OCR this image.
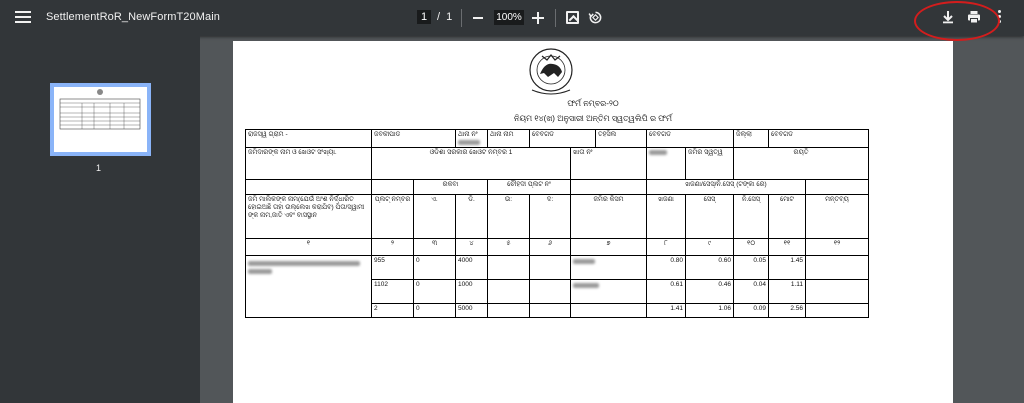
SettlementRoR_NewFormT20Main	1 / 1	100%
1
ଫର୍ମ ନମ୍ବର-୨୦
ନିୟମ ୧୪(ଖ) ଅନୁସାରୀ ଅନ୍ତିମ ସ୍ୱତ୍ୱଲିପି ର ଫର୍ମ
ରାଜସ୍ୱ ଗ୍ରାମ -	ଜବକୀପାଡ		ଥାନା ନଂ	ଥାନା ନାମ	ବେବଗଡ		ତହସିଲ	ବେବଗଡ		ଜିଲ୍ଲା	ବେବଗଡ	
ଜମିଦାରଙ୍କ ନାମ ଓ ଖେଓଟ ସଂଖ୍ୟା.	ଓଡିଶା ସରକାର ଖେଓଟ ନମ୍ବର 1					ଖାତା ନଂ			ଜମିର ସ୍ୱତ୍ୱ	ରୟତି		
		ରକବା		ଚୌହଦୀ ପ୍ଲଟ ନଂ				ଖଜଣା/ସେସ୍/ନି.ସେସ୍ (ଟଙ୍କା ରେ)				
ଜମି ମାଲିକଙ୍କ ନାମ(ଯେଉଁ ଅଂଶ ନିର୍ଦ୍ଧାରିତ ହୋଇଅଛି ତାହା ଉଲ୍ଲେଖ କରାଯିବ) ପିତା/ସ୍ୱାମୀ ଙ୍କ ନାମ,ଜାତି ଏବଂ ବାସସ୍ଥାନ	ପ୍ଲଟ୍ ନମ୍ବର	ଏ.	ଡି.	ଉ:	ଦ:	ଜମିର କିସମ		ଖଜଣା	ସେସ୍	ନି.ସେସ୍	ମୋଟ	ମନ୍ତବ୍ୟ
୧	୨	୩	୪	୫	୬	୭		୮	୯	୧୦	୧୧	୧୨

	955	0	4000					0.80	0.60	0.05	1.45	
	1102	0	1000					0.61	0.46	0.04	1.11	
	2	0	5000					1.41	1.06	0.09	2.56	
